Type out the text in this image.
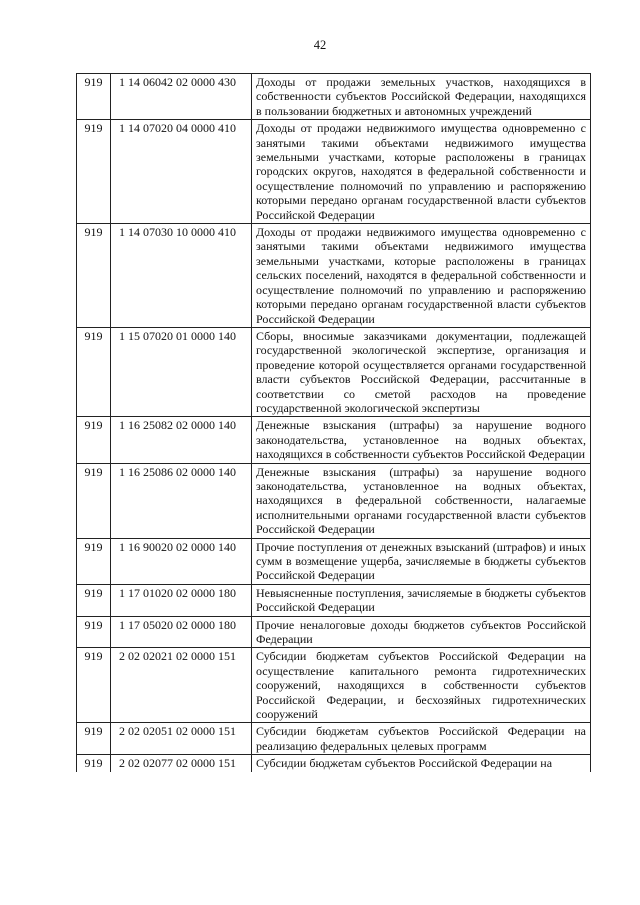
42
919	1 14 06042 02 0000 430	Доходы от продажи земельных участков, находящихся в собственности субъектов Российской Федерации, находящихся в пользовании бюджетных и автономных учреждений
919	1 14 07020 04 0000 410	Доходы от продажи недвижимого имущества одновременно с занятыми такими объектами недвижимого имущества земельными участками, которые расположены в границах городских округов, находятся в федеральной собственности и осуществление полномочий по управлению и распоряжению которыми передано органам государственной власти субъектов Российской Федерации
919	1 14 07030 10 0000 410	Доходы от продажи недвижимого имущества одновременно с занятыми такими объектами недвижимого имущества земельными участками, которые расположены в границах сельских поселений, находятся в федеральной собственности и осуществление полномочий по управлению и распоряжению которыми передано органам государственной власти субъектов Российской Федерации
919	1 15 07020 01 0000 140	Сборы, вносимые заказчиками документации, подлежащей государственной экологической экспертизе, организация и проведение которой осуществляется органами государственной власти субъектов Российской Федерации, рассчитанные в соответствии со сметой расходов на проведение государственной экологической экспертизы
919	1 16 25082 02 0000 140	Денежные взыскания (штрафы) за нарушение водного законодательства, установленное на водных объектах, находящихся в собственности субъектов Российской Федерации
919	1 16 25086 02 0000 140	Денежные взыскания (штрафы) за нарушение водного законодательства, установленное на водных объектах, находящихся в федеральной собственности, налагаемые исполнительными органами государственной власти субъектов Российской Федерации
919	1 16 90020 02 0000 140	Прочие поступления от денежных взысканий (штрафов) и иных сумм в возмещение ущерба, зачисляемые в бюджеты субъектов Российской Федерации
919	1 17 01020 02 0000 180	Невыясненные поступления, зачисляемые в бюджеты субъектов Российской Федерации
919	1 17 05020 02 0000 180	Прочие неналоговые доходы бюджетов субъектов Российской Федерации
919	2 02 02021 02 0000 151	Субсидии бюджетам субъектов Российской Федерации на осуществление капитального ремонта гидротехнических сооружений, находящихся в собственности субъектов Российской Федерации, и бесхозяйных гидротехнических сооружений
919	2 02 02051 02 0000 151	Субсидии бюджетам субъектов Российской Федерации на реализацию федеральных целевых программ
919	2 02 02077 02 0000 151	Субсидии бюджетам субъектов Российской Федерации на
